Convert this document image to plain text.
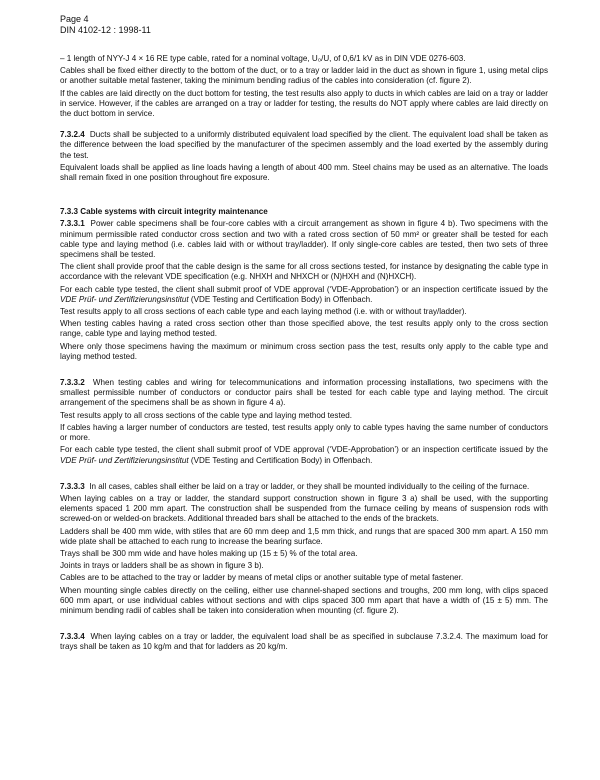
Page 4
DIN 4102-12 : 1998-11

– 1 length of NYY-J 4 × 16 RE type cable, rated for a nominal voltage, U₀/U, of 0,6/1 kV as in DIN VDE 0276-603.

Cables shall be fixed either directly to the bottom of the duct, or to a tray or ladder laid in the duct as shown in figure 1, using metal clips or another suitable metal fastener, taking the minimum bending radius of the cables into consideration (cf. figure 2).

If the cables are laid directly on the duct bottom for testing, the test results also apply to ducts in which cables are laid on a tray or ladder in service. However, if the cables are arranged on a tray or ladder for testing, the results do NOT apply where cables are laid directly on the duct bottom in service.

7.3.2.4 Ducts shall be subjected to a uniformly distributed equivalent load specified by the client. The equivalent load shall be taken as the difference between the load specified by the manufacturer of the specimen assembly and the load exerted by the assembly during the test.

Equivalent loads shall be applied as line loads having a length of about 400 mm. Steel chains may be used as an alternative. The loads shall remain fixed in one position throughout fire exposure.

7.3.3 Cable systems with circuit integrity maintenance

7.3.3.1 Power cable specimens shall be four-core cables with a circuit arrangement as shown in figure 4 b). Two specimens with the minimum permissible rated conductor cross section and two with a rated cross section of 50 mm² or greater shall be tested for each cable type and laying method (i.e. cables laid with or without tray/ladder). If only single-core cables are tested, then two sets of three specimens shall be tested.

The client shall provide proof that the cable design is the same for all cross sections tested, for instance by designating the cable type in accordance with the relevant VDE specification (e.g. NHXH and NHXCH or (N)HXH and (N)HXCH).

For each cable type tested, the client shall submit proof of VDE approval (‘VDE-Approbation’) or an inspection certificate issued by the VDE Prüf- und Zertifizierungsinstitut (VDE Testing and Certification Body) in Offenbach.

Test results apply to all cross sections of each cable type and each laying method (i.e. with or without tray/ladder).

When testing cables having a rated cross section other than those specified above, the test results apply only to the cross section range, cable type and laying method tested.

Where only those specimens having the maximum or minimum cross section pass the test, results only apply to the cable type and laying method tested.

7.3.3.2 When testing cables and wiring for telecommunications and information processing installations, two specimens with the smallest permissible number of conductors or conductor pairs shall be tested for each cable type and laying method. The circuit arrangement of the specimens shall be as shown in figure 4 a).

Test results apply to all cross sections of the cable type and laying method tested.

If cables having a larger number of conductors are tested, test results apply only to cable types having the same number of conductors or more.

For each cable type tested, the client shall submit proof of VDE approval (‘VDE-Approbation’) or an inspection certificate issued by the VDE Prüf- und Zertifizierungsinstitut (VDE Testing and Certification Body) in Offenbach.

7.3.3.3 In all cases, cables shall either be laid on a tray or ladder, or they shall be mounted individually to the ceiling of the furnace.

When laying cables on a tray or ladder, the standard support construction shown in figure 3 a) shall be used, with the supporting elements spaced 1 200 mm apart. The construction shall be suspended from the furnace ceiling by means of suspension rods with screwed-on or welded-on brackets. Additional threaded bars shall be attached to the ends of the brackets.

Ladders shall be 400 mm wide, with stiles that are 60 mm deep and 1,5 mm thick, and rungs that are spaced 300 mm apart. A 150 mm wide plate shall be attached to each rung to increase the bearing surface.

Trays shall be 300 mm wide and have holes making up (15 ± 5) % of the total area.

Joints in trays or ladders shall be as shown in figure 3 b).

Cables are to be attached to the tray or ladder by means of metal clips or another suitable type of metal fastener.

When mounting single cables directly on the ceiling, either use channel-shaped sections and troughs, 200 mm long, with clips spaced 600 mm apart, or use individual cables without sections and with clips spaced 300 mm apart that have a width of (15 ± 5) mm. The minimum bending radii of cables shall be taken into consideration when mounting (cf. figure 2).

7.3.3.4 When laying cables on a tray or ladder, the equivalent load shall be as specified in subclause 7.3.2.4. The maximum load for trays shall be taken as 10 kg/m and that for ladders as 20 kg/m.
